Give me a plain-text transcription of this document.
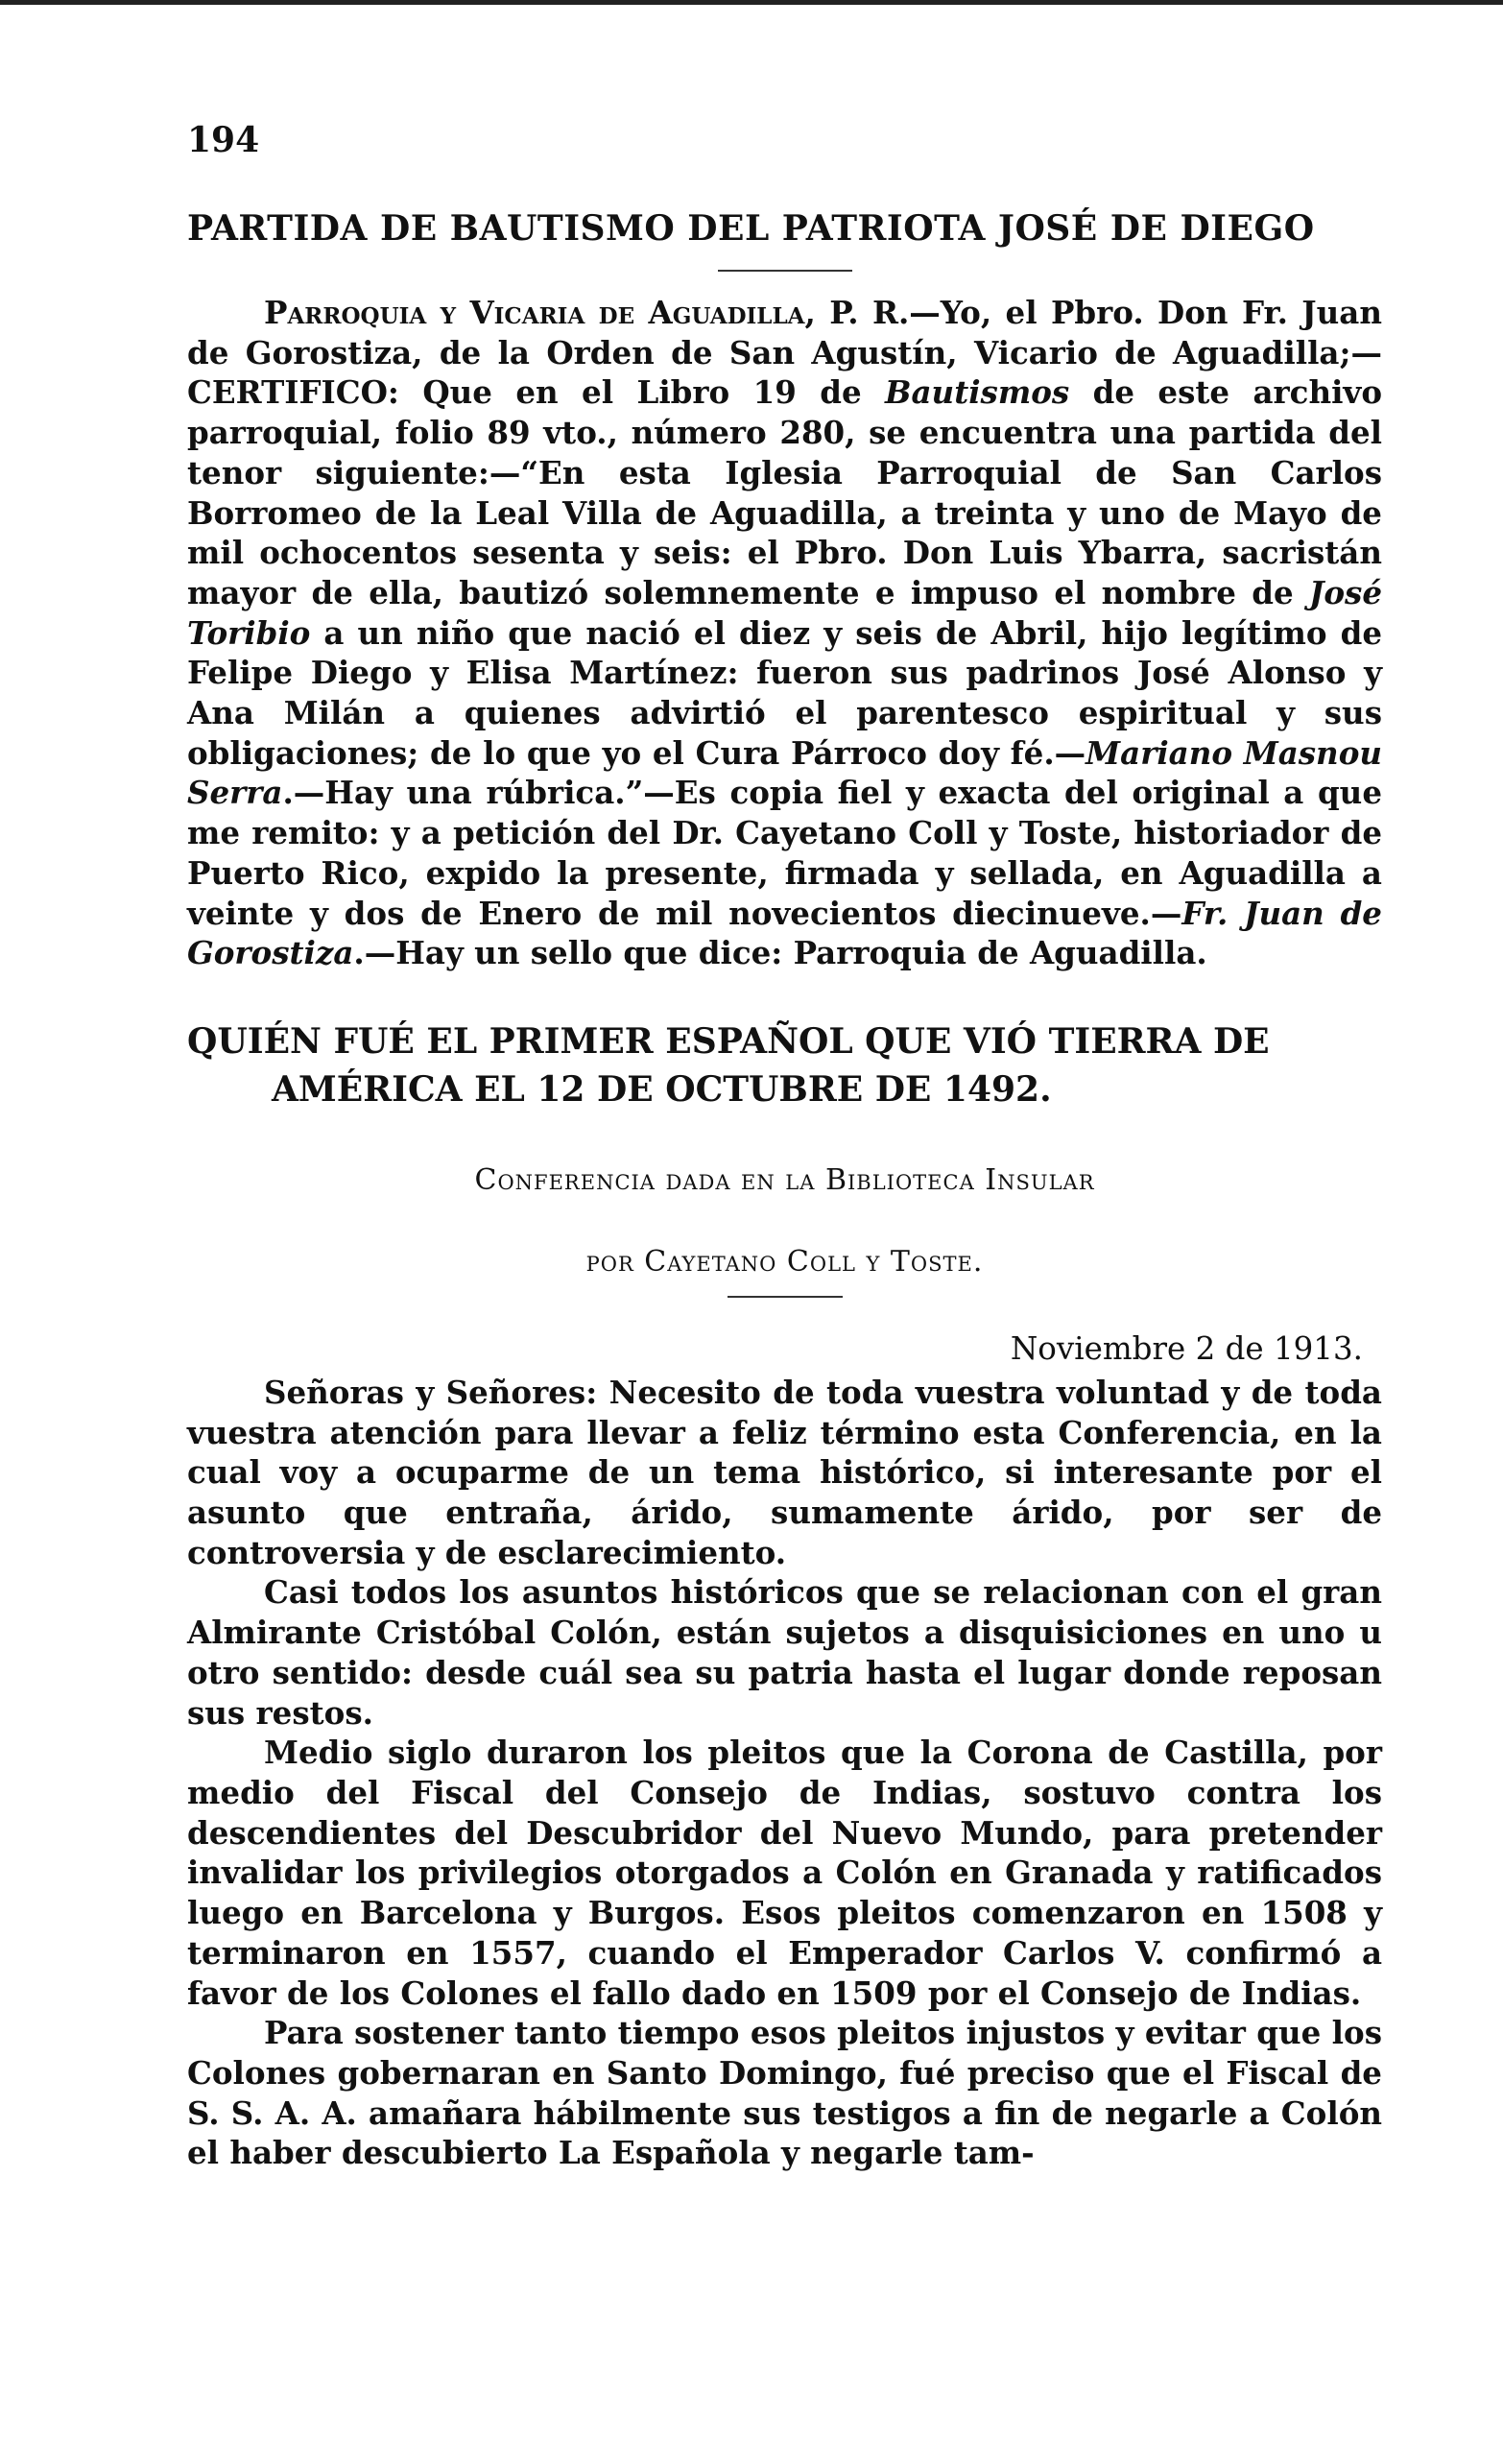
194
PARTIDA DE BAUTISMO DEL PATRIOTA JOSÉ DE DIEGO

Parroquia y Vicaria de Aguadilla, P. R.—Yo, el Pbro. Don Fr. Juan de Gorostiza, de la Orden de San Agustín, Vicario de Aguadilla;—CERTIFICO: Que en el Libro 19 de Bautismos de este archivo parroquial, folio 89 vto., número 280, se encuentra una partida del tenor siguiente:—“En esta Iglesia Parroquial de San Carlos Borromeo de la Leal Villa de Aguadilla, a treinta y uno de Mayo de mil ochocentos sesenta y seis: el Pbro. Don Luis Ybarra, sacristán mayor de ella, bautizó solemnemente e impuso el nombre de José Toribio a un niño que nació el diez y seis de Abril, hijo legítimo de Felipe Diego y Elisa Martínez: fueron sus padrinos José Alonso y Ana Milán a quienes advirtió el parentesco espiritual y sus obligaciones; de lo que yo el Cura Párroco doy fé.—Mariano Masnou Serra.—Hay una rúbrica.”—Es copia fiel y exacta del original a que me remito: y a petición del Dr. Cayetano Coll y Toste, historiador de Puerto Rico, expido la presente, firmada y sellada, en Aguadilla a veinte y dos de Enero de mil novecientos diecinueve.—Fr. Juan de Gorostiza.—Hay un sello que dice: Parroquia de Aguadilla.

QUIÉN FUÉ EL PRIMER ESPAÑOL QUE VIÓ TIERRA DE
AMÉRICA EL 12 DE OCTUBRE DE 1492.
Conferencia dada en la Biblioteca Insular
por Cayetano Coll y Toste.
Noviembre 2 de 1913.

Señoras y Señores: Necesito de toda vuestra voluntad y de toda vuestra atención para llevar a feliz término esta Conferencia, en la cual voy a ocuparme de un tema histórico, si interesante por el asunto que entraña, árido, sumamente árido, por ser de controversia y de esclarecimiento.

Casi todos los asuntos históricos que se relacionan con el gran Almirante Cristóbal Colón, están sujetos a disquisiciones en uno u otro sentido: desde cuál sea su patria hasta el lugar donde reposan sus restos.

Medio siglo duraron los pleitos que la Corona de Castilla, por medio del Fiscal del Consejo de Indias, sostuvo contra los descendientes del Descubridor del Nuevo Mundo, para pretender invalidar los privilegios otorgados a Colón en Granada y ratificados luego en Barcelona y Burgos. Esos pleitos comenzaron en 1508 y terminaron en 1557, cuando el Emperador Carlos V. confirmó a favor de los Colones el fallo dado en 1509 por el Consejo de Indias.

Para sostener tanto tiempo esos pleitos injustos y evitar que los Colones gobernaran en Santo Domingo, fué preciso que el Fiscal de S. S. A. A. amañara hábilmente sus testigos a fin de negarle a Colón el haber descubierto La Española y negarle tam-
